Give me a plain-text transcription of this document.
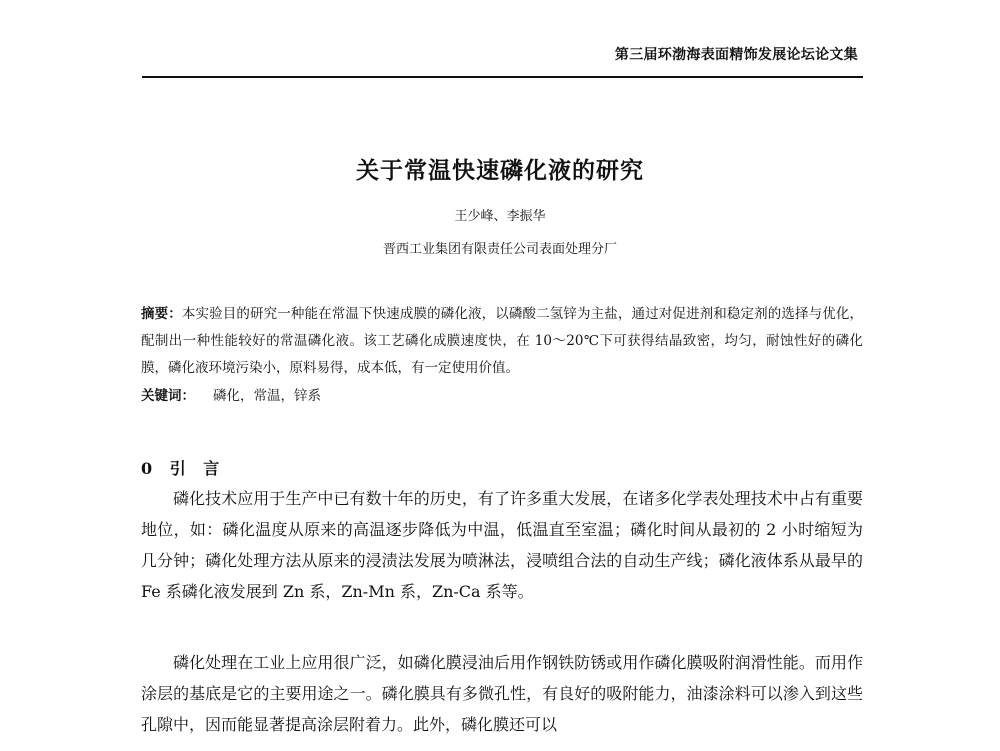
第三届环渤海表面精饰发展论坛论文集
关于常温快速磷化液的研究
王少峰、李振华
晋西工业集团有限责任公司表面处理分厂
摘要：本实验目的研究一种能在常温下快速成膜的磷化液，以磷酸二氢锌为主盐，通过对促进剂和稳定剂的选择与优化，配制出一种性能较好的常温磷化液。该工艺磷化成膜速度快，在 10～20℃下可获得结晶致密，均匀，耐蚀性好的磷化膜，磷化液环境污染小，原料易得，成本低，有一定使用价值。
关键词： 磷化，常温，锌系
0 引 言

磷化技术应用于生产中已有数十年的历史，有了许多重大发展，在诸多化学表处理技术中占有重要地位，如：磷化温度从原来的高温逐步降低为中温，低温直至室温；磷化时间从最初的 2 小时缩短为几分钟；磷化处理方法从原来的浸渍法发展为喷淋法，浸喷组合法的自动生产线；磷化液体系从最早的 Fe 系磷化液发展到 Zn 系，Zn-Mn 系，Zn-Ca 系等。

磷化处理在工业上应用很广泛，如磷化膜浸油后用作钢铁防锈或用作磷化膜吸附润滑性能。而用作涂层的基底是它的主要用途之一。磷化膜具有多微孔性，有良好的吸附能力，油漆涂料可以渗入到这些孔隙中，因而能显著提高涂层附着力。此外，磷化膜还可以
